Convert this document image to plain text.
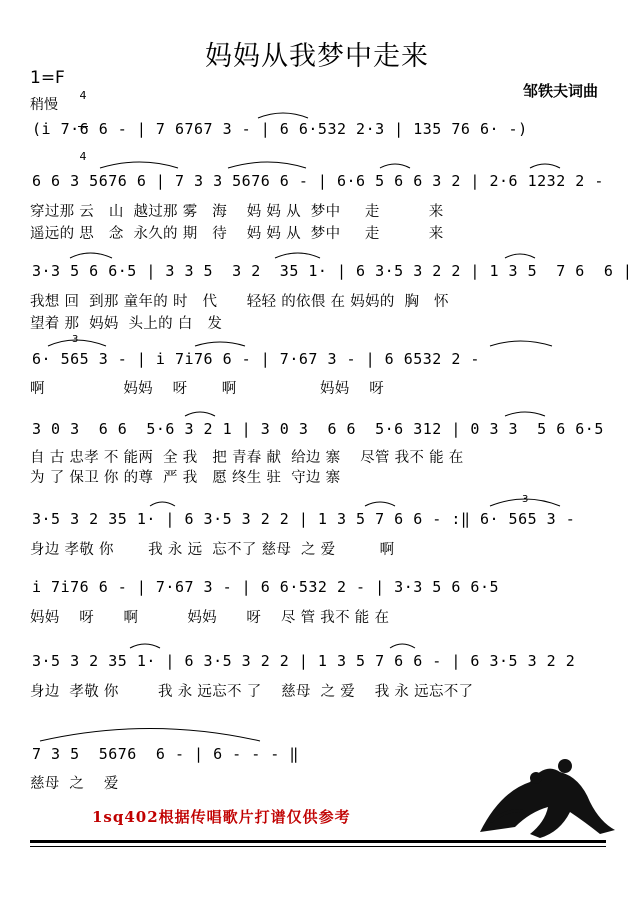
妈妈从我梦中走来
1=F

4

4

稍慢
邹铁夫词曲
(i̇ 7·6 6 - | 7 6767 3 - | 6 6·532 2·3 | 135 76 6· -)
6 6 3 5676 6 | 7 3 3 5676 6 - | 6·6 5 6 6 3 2 | 2·6 1232 2 -
穿过那 云   山  越过那 雾   海    妈 妈 从  梦中     走          来
遥远的 思   念  永久的 期   待    妈 妈 从  梦中     走          来
3·3 5 6 6·5 | 3 3 5  3 2  35 1· | 6 3·5 3 2 2 | 1 3 5  7 6  6 |
我想 回  到那 童年的 时   代      轻轻 的依偎 在 妈妈的  胸   怀
望着 那  妈妈  头上的 白   发
6· 565 3 - | i̇ 7i̇76 6 - | 7·67 3 - | 6 6532 2 -
啊                妈妈    呀       啊                 妈妈    呀
3 0 3  6 6  5·6 3 2 1 | 3 0 3  6 6  5·6 312 | 0 3 3  5 6 6·5
自 古 忠孝 不 能两  全 我   把 青春 献  给边 寨    尽管 我不 能 在
为 了 保卫 你 的尊  严 我   愿 终生 驻  守边 寨
3·5 3 2 35 1· | 6 3·5 3 2 2 | 1 3 5 7 6 6 - :‖ 6· 565 3 -
身边 孝敬 你       我 永 远  忘不了 慈母  之 爱         啊
i̇ 7i̇76 6 - | 7·67 3 - | 6 6·532 2 - | 3·3 5 6 6·5
妈妈    呀      啊          妈妈      呀    尽 管 我不 能 在
3·5 3 2 35 1· | 6 3·5 3 2 2 | 1 3 5 7 6 6 - | 6 3·5 3 2 2
身边  孝敬 你        我 永 远忘不 了    慈母  之 爱    我 永 远忘不了
7 3 5  5676  6 - | 6 - - - ‖
慈母  之    爱
3
3
1sq402根据传唱歌片打谱仅供参考
